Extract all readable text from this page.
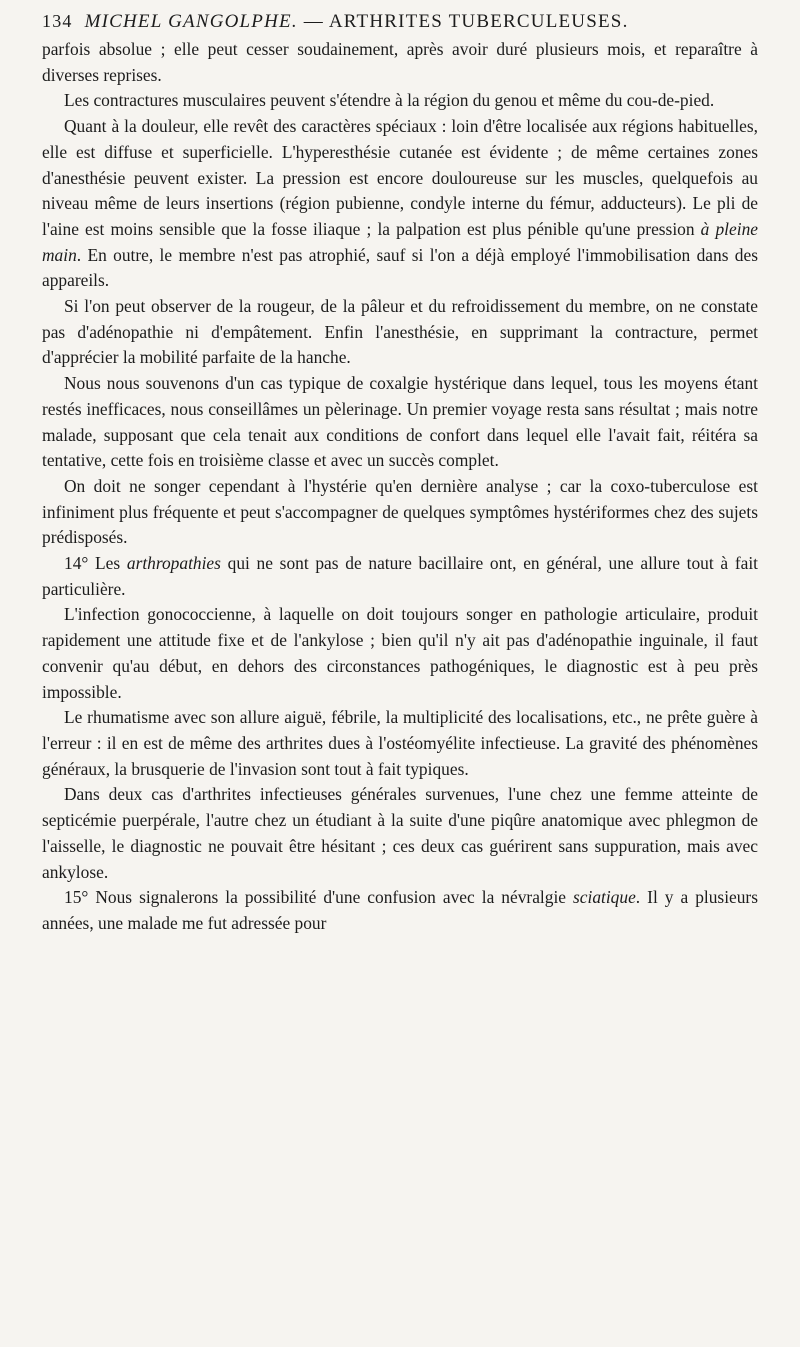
134 MICHEL GANGOLPHE. — ARTHRITES TUBERCULEUSES.

parfois absolue ; elle peut cesser soudainement, après avoir duré plusieurs mois, et reparaître à diverses reprises.

Les contractures musculaires peuvent s'étendre à la région du genou et même du cou-de-pied.

Quant à la douleur, elle revêt des caractères spéciaux : loin d'être localisée aux régions habituelles, elle est diffuse et superficielle. L'hyperesthésie cutanée est évidente ; de même certaines zones d'anesthésie peuvent exister. La pression est encore douloureuse sur les muscles, quelquefois au niveau même de leurs insertions (région pubienne, condyle interne du fémur, adducteurs). Le pli de l'aine est moins sensible que la fosse iliaque ; la palpation est plus pénible qu'une pression à pleine main. En outre, le membre n'est pas atrophié, sauf si l'on a déjà employé l'immobilisation dans des appareils.

Si l'on peut observer de la rougeur, de la pâleur et du refroidissement du membre, on ne constate pas d'adénopathie ni d'empâtement. Enfin l'anesthésie, en supprimant la contracture, permet d'apprécier la mobilité parfaite de la hanche.

Nous nous souvenons d'un cas typique de coxalgie hystérique dans lequel, tous les moyens étant restés inefficaces, nous conseillâmes un pèlerinage. Un premier voyage resta sans résultat ; mais notre malade, supposant que cela tenait aux conditions de confort dans lequel elle l'avait fait, réitéra sa tentative, cette fois en troisième classe et avec un succès complet.

On doit ne songer cependant à l'hystérie qu'en dernière analyse ; car la coxo-tuberculose est infiniment plus fréquente et peut s'accompagner de quelques symptômes hystériformes chez des sujets prédisposés.

14° Les arthropathies qui ne sont pas de nature bacillaire ont, en général, une allure tout à fait particulière.

L'infection gonococcienne, à laquelle on doit toujours songer en pathologie articulaire, produit rapidement une attitude fixe et de l'ankylose ; bien qu'il n'y ait pas d'adénopathie inguinale, il faut convenir qu'au début, en dehors des circonstances pathogéniques, le diagnostic est à peu près impossible.

Le rhumatisme avec son allure aiguë, fébrile, la multiplicité des localisations, etc., ne prête guère à l'erreur : il en est de même des arthrites dues à l'ostéomyélite infectieuse. La gravité des phénomènes généraux, la brusquerie de l'invasion sont tout à fait typiques.

Dans deux cas d'arthrites infectieuses générales survenues, l'une chez une femme atteinte de septicémie puerpérale, l'autre chez un étudiant à la suite d'une piqûre anatomique avec phlegmon de l'aisselle, le diagnostic ne pouvait être hésitant ; ces deux cas guérirent sans suppuration, mais avec ankylose.

15° Nous signalerons la possibilité d'une confusion avec la névralgie sciatique. Il y a plusieurs années, une malade me fut adressée pour
